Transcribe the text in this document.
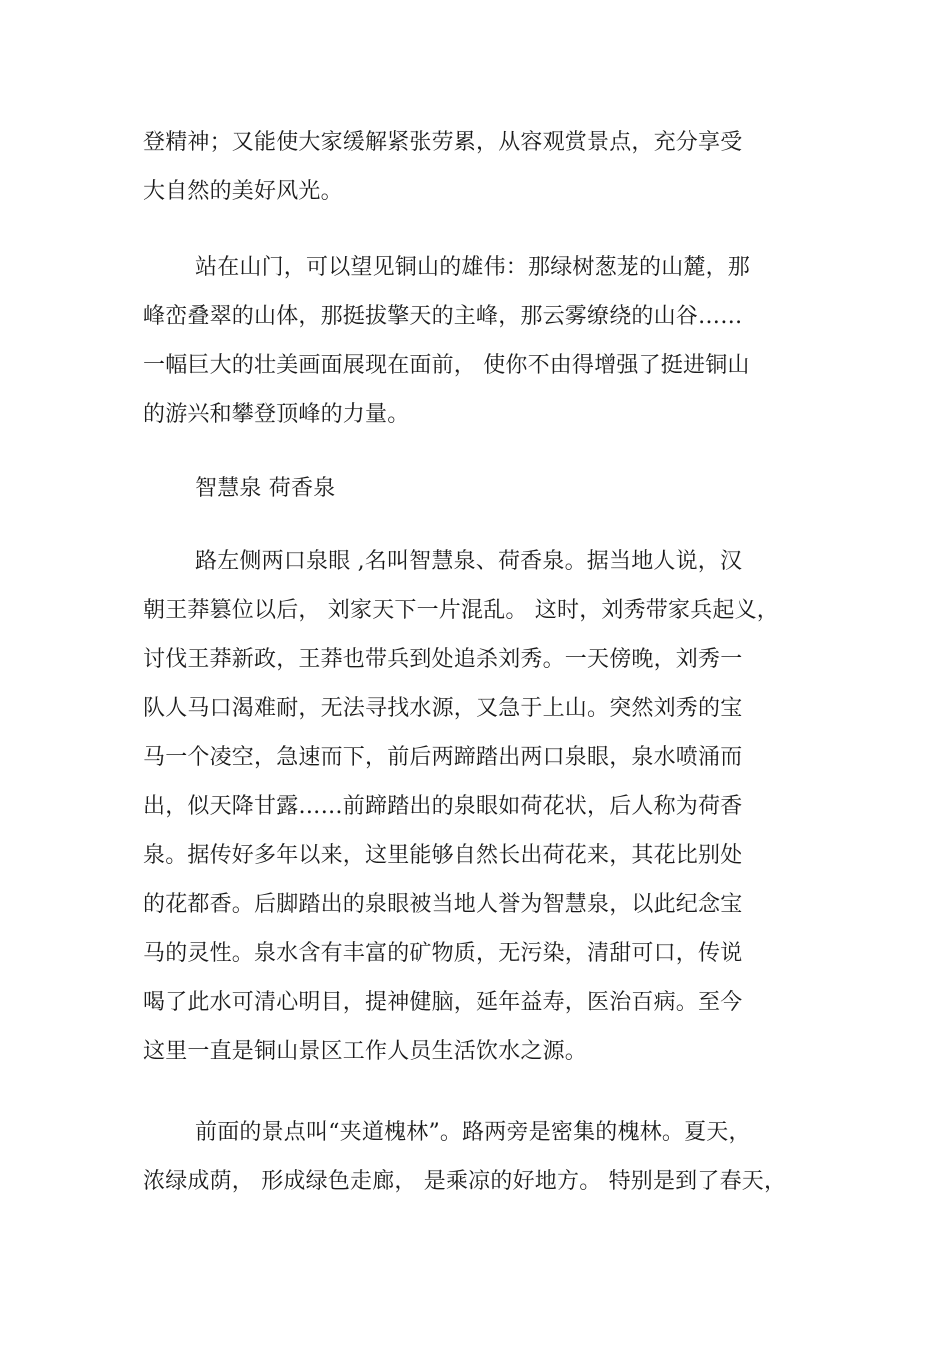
登精神；又能使大家缓解紧张劳累，从容观赏景点，充分享受
大自然的美好风光。
站在山门，可以望见铜山的雄伟：那绿树葱茏的山麓，那
峰峦叠翠的山体，那挺拔擎天的主峰，那云雾缭绕的山谷……
一幅巨大的壮美画面展现在面前， 使你不由得增强了挺进铜山
的游兴和攀登顶峰的力量。
智慧泉 荷香泉
路左侧两口泉眼 ,名叫智慧泉、荷香泉。据当地人说，汉
朝王莽篡位以后， 刘家天下一片混乱。 这时，刘秀带家兵起义，
讨伐王莽新政，王莽也带兵到处追杀刘秀。一天傍晚，刘秀一
队人马口渴难耐，无法寻找水源，又急于上山。突然刘秀的宝
马一个凌空，急速而下，前后两蹄踏出两口泉眼，泉水喷涌而
出，似天降甘露……前蹄踏出的泉眼如荷花状，后人称为荷香
泉。据传好多年以来，这里能够自然长出荷花来，其花比别处
的花都香。后脚踏出的泉眼被当地人誉为智慧泉，以此纪念宝
马的灵性。泉水含有丰富的矿物质，无污染，清甜可口，传说
喝了此水可清心明目，提神健脑，延年益寿，医治百病。至今
这里一直是铜山景区工作人员生活饮水之源。
前面的景点叫“夹道槐林”。路两旁是密集的槐林。夏天，
浓绿成荫， 形成绿色走廊， 是乘凉的好地方。 特别是到了春天，
